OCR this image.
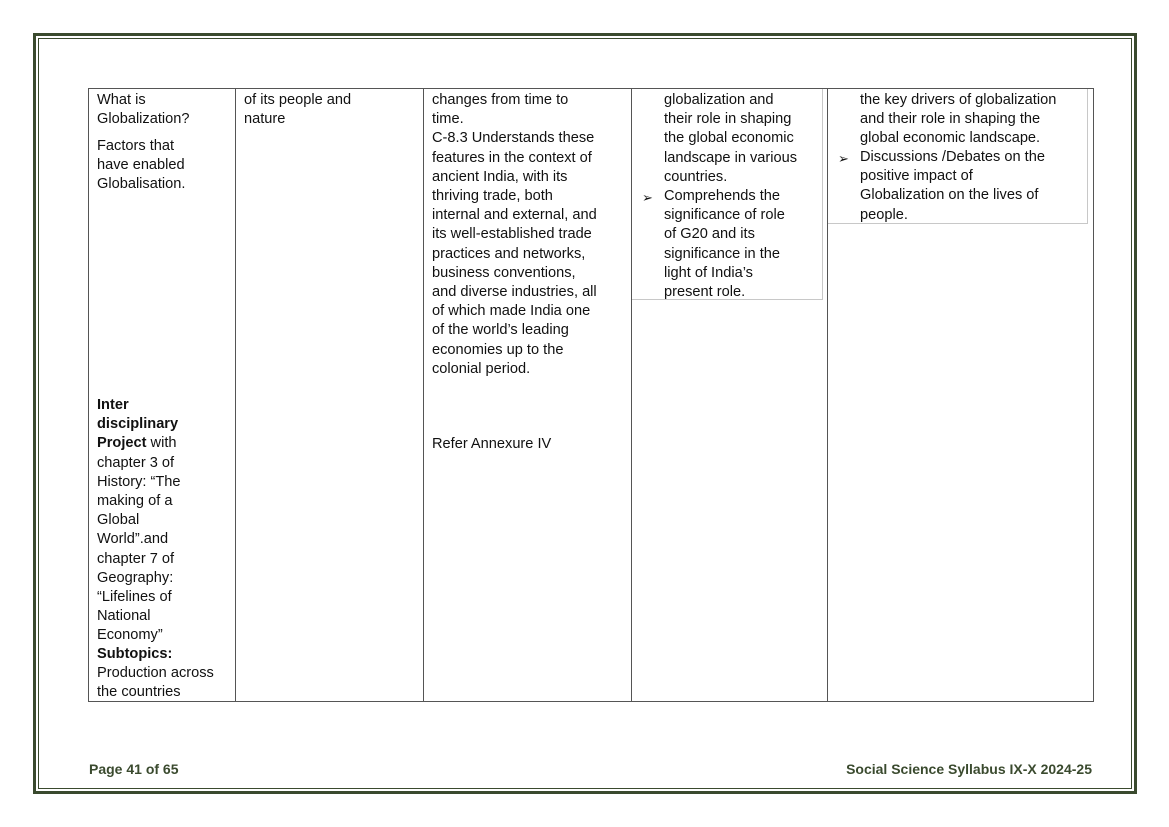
What is
Globalization?
Factors that
have enabled
Globalisation.
Inter
disciplinary
Project with
chapter 3 of
History: “The
making of a
Global
World”.and
chapter 7 of
Geography:
“Lifelines of
National
Economy”
Subtopics:
Production across
the countries
of its people and
nature
changes from time to
time.
C-8.3 Understands these
features in the context of
ancient India, with its
thriving trade, both
internal and external, and
its well-established trade
practices and networks,
business conventions,
and diverse industries, all
of which made India one
of the world’s leading
economies up to the
colonial period.
Refer Annexure IV
globalization and
their role in shaping
the global economic
landscape in various
countries.
➢ Comprehends the
significance of role
of G20 and its
significance in the
light of India’s
present role.
the key drivers of globalization
and their role in shaping the
global economic landscape.
➢ Discussions /Debates on the
positive impact of
Globalization on the lives of
people.
Page 41 of 65	Social Science Syllabus IX-X 2024-25
